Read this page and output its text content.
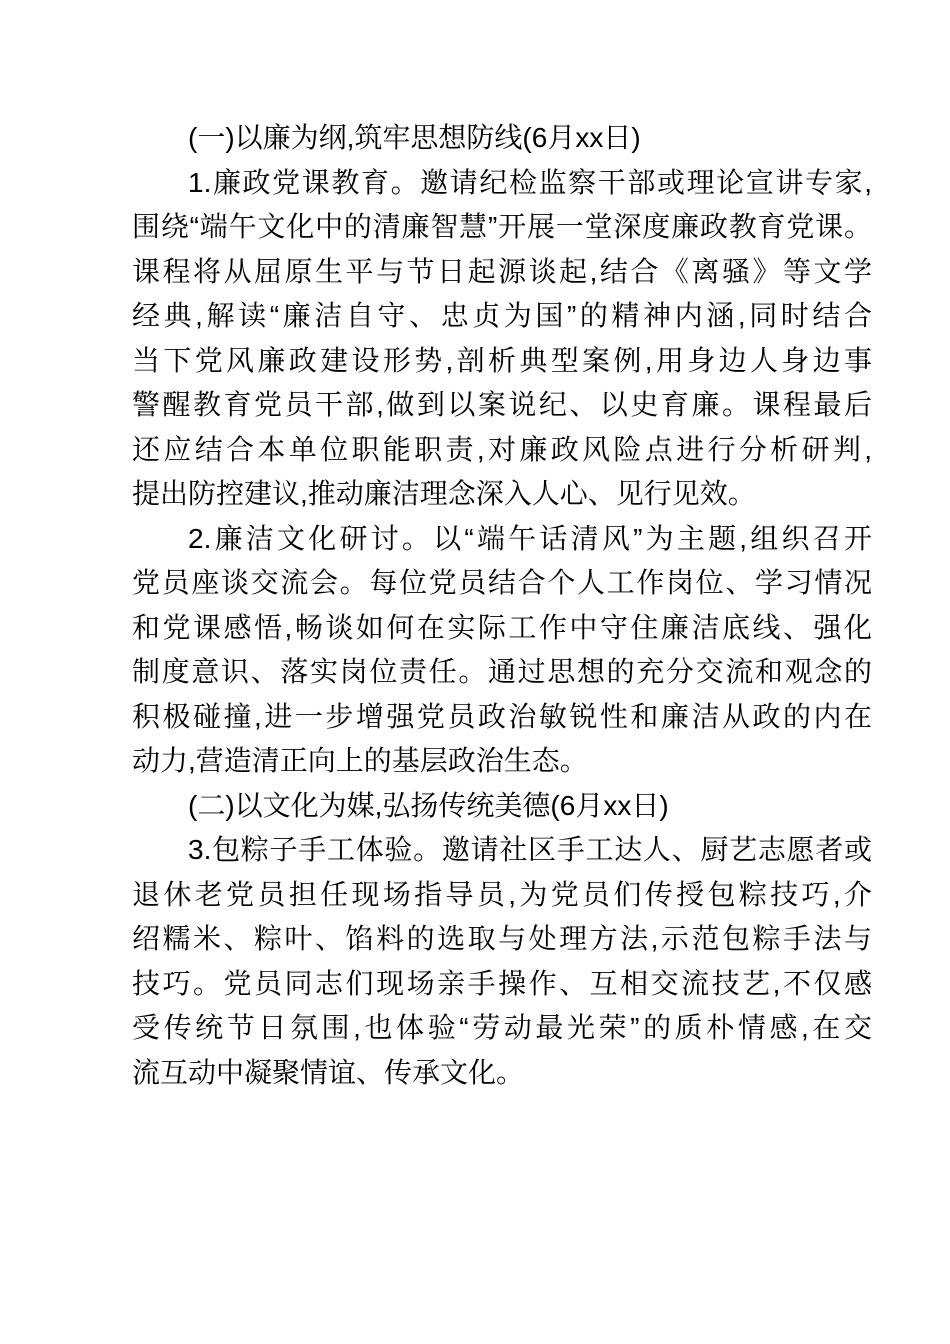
(一)以廉为纲,筑牢思想防线(6月xx日)
1.廉政党课教育。邀请纪检监察干部或理论宣讲专家,
围绕“端午文化中的清廉智慧”开展一堂深度廉政教育党课。
课程将从屈原生平与节日起源谈起,结合《离骚》等文学
经典,解读“廉洁自守、忠贞为国”的精神内涵,同时结合
当下党风廉政建设形势,剖析典型案例,用身边人身边事
警醒教育党员干部,做到以案说纪、以史育廉。课程最后
还应结合本单位职能职责,对廉政风险点进行分析研判,
提出防控建议,推动廉洁理念深入人心、见行见效。
2.廉洁文化研讨。以“端午话清风”为主题,组织召开
党员座谈交流会。每位党员结合个人工作岗位、学习情况
和党课感悟,畅谈如何在实际工作中守住廉洁底线、强化
制度意识、落实岗位责任。通过思想的充分交流和观念的
积极碰撞,进一步增强党员政治敏锐性和廉洁从政的内在
动力,营造清正向上的基层政治生态。
(二)以文化为媒,弘扬传统美德(6月xx日)
3.包粽子手工体验。邀请社区手工达人、厨艺志愿者或
退休老党员担任现场指导员,为党员们传授包粽技巧,介
绍糯米、粽叶、馅料的选取与处理方法,示范包粽手法与
技巧。党员同志们现场亲手操作、互相交流技艺,不仅感
受传统节日氛围,也体验“劳动最光荣”的质朴情感,在交
流互动中凝聚情谊、传承文化。
